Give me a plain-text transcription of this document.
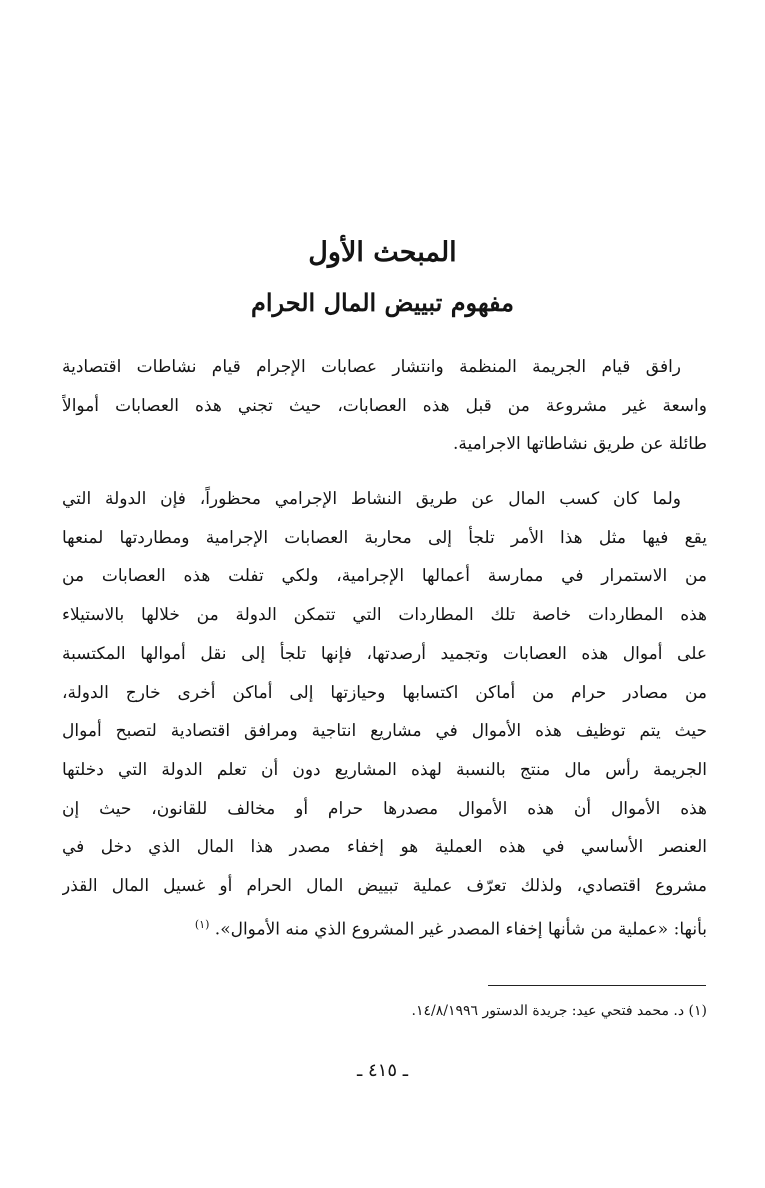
المبحث الأول
مفهوم تبييض المال الحرام
رافق قيام الجريمة المنظمة وانتشار عصابات الإجرام قيام نشاطات اقتصادية
واسعة غير مشروعة من قبل هذه العصابات، حيث تجني هذه العصابات أموالاً
طائلة عن طريق نشاطاتها الاجرامية.
ولما كان كسب المال عن طريق النشاط الإجرامي محظوراً، فإن الدولة التي
يقع فيها مثل هذا الأمر تلجأ إلى محاربة العصابات الإجرامية ومطاردتها لمنعها
من الاستمرار في ممارسة أعمالها الإجرامية، ولكي تفلت هذه العصابات من
هذه المطاردات خاصة تلك المطاردات التي تتمكن الدولة من خلالها بالاستيلاء
على أموال هذه العصابات وتجميد أرصدتها، فإنها تلجأ إلى نقل أموالها المكتسبة
من مصادر حرام من أماكن اكتسابها وحيازتها إلى أماكن أخرى خارج الدولة،
حيث يتم توظيف هذه الأموال في مشاريع انتاجية ومرافق اقتصادية لتصبح أموال
الجريمة رأس مال منتج بالنسبة لهذه المشاريع دون أن تعلم الدولة التي دخلتها
هذه الأموال أن هذه الأموال مصدرها حرام أو مخالف للقانون، حيث إن
العنصر الأساسي في هذه العملية هو إخفاء مصدر هذا المال الذي دخل في
مشروع اقتصادي، ولذلك تعرّف عملية تبييض المال الحرام أو غسيل المال القذر
بأنها: «عملية من شأنها إخفاء المصدر غير المشروع الذي منه الأموال». $^{(١)}$

(١) د. محمد فتحي عيد: جريدة الدستور ١٤/٨/١٩٩٦.

ـ ٤١٥ ـ
